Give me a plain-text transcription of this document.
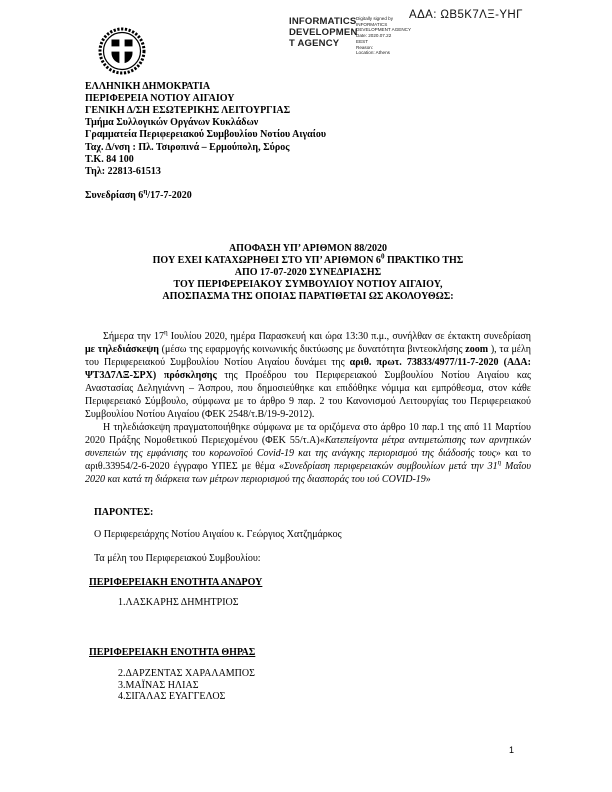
ΑΔΑ: ΩΒ5Κ7ΛΞ-ΥΗΓ
INFORMATICS
DEVELOPMEN
T AGENCY
Digitally signed by
INFORMATICS
DEVELOPMENT AGENCY
Date: 2020.07.22
EEST
Reason:
Location: Athens
ΕΛΛΗΝΙΚΗ ΔΗΜΟΚΡΑΤΙΑ
ΠΕΡΙΦΕΡΕΙΑ ΝΟΤΙΟΥ ΑΙΓΑΙΟΥ
ΓΕΝΙΚΗ Δ/ΣΗ ΕΣΩΤΕΡΙΚΗΣ ΛΕΙΤΟΥΡΓΙΑΣ
Τμήμα Συλλογικών Οργάνων Κυκλάδων
Γραμματεία Περιφερειακού Συμβουλίου Νοτίου Αιγαίου
Ταχ. Δ/νση : Πλ. Τσιροπινά – Ερμούπολη, Σύρος
Τ.Κ. 84 100
Τηλ: 22813-61513
Συνεδρίαση $6^\eta/17-7-2020$
ΑΠΟΦΑΣΗ ΥΠ’ ΑΡΙΘΜΟΝ 88/2020
ΠΟΥ ΕΧΕΙ ΚΑΤΑΧΩΡΗΘΕΙ ΣΤΟ ΥΠ’ ΑΡΙΘΜΟΝ $6^0$ ΠΡΑΚΤΙΚΟ ΤΗΣ
ΑΠΟ 17-07-2020 ΣΥΝΕΔΡΙΑΣΗΣ
ΤΟΥ ΠΕΡΙΦΕΡΕΙΑΚΟΥ ΣΥΜΒΟΥΛΙΟΥ ΝΟΤΙΟΥ ΑΙΓΑΙΟΥ,
ΑΠΟΣΠΑΣΜΑ ΤΗΣ ΟΠΟΙΑΣ ΠΑΡΑΤΙΘΕΤΑΙ ΩΣ ΑΚΟΛΟΥΘΩΣ:

Σήμερα την $17^\eta$ Ιουλίου 2020, ημέρα Παρασκευή και ώρα 13:30 π.μ., συνήλθαν σε έκτακτη συνεδρίαση με τηλεδιάσκεψη (μέσω της εφαρμογής κοινωνικής δικτύωσης με δυνατότητα βιντεοκλήσης zoom ), τα μέλη του Περιφερειακού Συμβουλίου Νοτίου Αιγαίου δυνάμει της αριθ. πρωτ. 73833/4977/11-7-2020 (ΑΔΑ: ΨΤ3Δ7ΛΞ-ΣΡΧ) πρόσκλησης της Προέδρου του Περιφερειακού Συμβουλίου Νοτίου Αιγαίου κας Αναστασίας Δεληγιάννη – Άσπρου, που δημοσιεύθηκε και επιδόθηκε νόμιμα και εμπρόθεσμα, στον κάθε Περιφερειακό Σύμβουλο, σύμφωνα με το άρθρο 9 παρ. 2 του Κανονισμού Λειτουργίας του Περιφερειακού Συμβουλίου Νοτίου Αιγαίου (ΦΕΚ 2548/τ.Β/19-9-2012).

Η τηλεδιάσκεψη πραγματοποιήθηκε σύμφωνα με τα οριζόμενα στο άρθρο 10 παρ.1 της από 11 Μαρτίου 2020 Πράξης Νομοθετικού Περιεχομένου (ΦΕΚ 55/τ.Α)«Κατεπείγοντα μέτρα αντιμετώπισης των αρνητικών συνεπειών της εμφάνισης του κορωνοϊού Covid-19 και της ανάγκης περιορισμού της διάδοσής τους» και το αριθ.33954/2-6-2020 έγγραφο ΥΠΕΣ με θέμα «Συνεδρίαση περιφερειακών συμβουλίων μετά την $31^\eta$ Μαΐου 2020 και κατά τη διάρκεια των μέτρων περιορισμού της διασποράς του ιού COVID-19»

ΠΑΡΟΝΤΕΣ:
Ο Περιφερειάρχης Νοτίου Αιγαίου κ. Γεώργιος Χατζημάρκος
Τα μέλη του Περιφερειακού Συμβουλίου:
ΠΕΡΙΦΕΡΕΙΑΚΗ ΕΝΟΤΗΤΑ ΑΝΔΡΟΥ
1.ΛΑΣΚΑΡΗΣ ΔΗΜΗΤΡΙΟΣ
ΠΕΡΙΦΕΡΕΙΑΚΗ ΕΝΟΤΗΤΑ ΘΗΡΑΣ
2.ΔΑΡΖΕΝΤΑΣ ΧΑΡΑΛΑΜΠΟΣ
3.ΜΑΪΝΑΣ ΗΛΙΑΣ
4.ΣΙΓΑΛΑΣ ΕΥΑΓΓΕΛΟΣ
1
